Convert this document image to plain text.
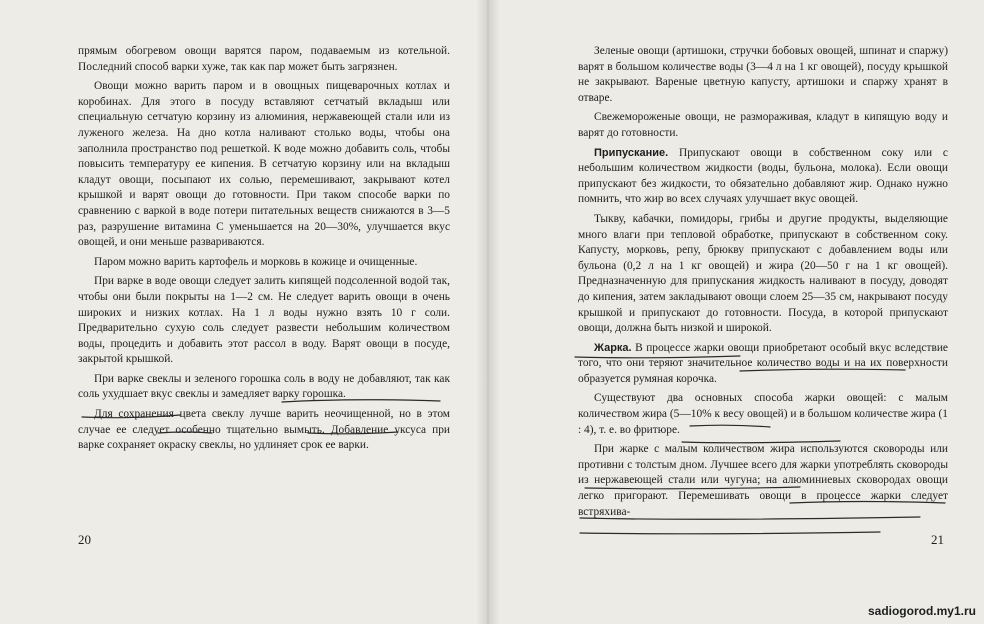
прямым обогревом овощи варятся паром, подаваемым из котельной. Последний способ варки хуже, так как пар может быть загрязнен.

Овощи можно варить паром и в овощных пищеварочных котлах и коробинах. Для этого в посуду вставляют сетчатый вкладыш или специальную сетчатую корзину из алюминия, нержавеющей стали или из луженого железа. На дно котла наливают столько воды, чтобы она заполнила пространство под решеткой. К воде можно добавить соль, чтобы повысить температуру ее кипения. В сетчатую корзину или на вкладыш кладут овощи, посыпают их солью, перемешивают, закрывают котел крышкой и варят овощи до готовности. При таком способе варки по сравнению с варкой в воде потери питательных веществ снижаются в 3—5 раз, разрушение витамина С уменьшается на 20—30%, улучшается вкус овощей, и они меньше развариваются.

Паром можно варить картофель и морковь в кожице и очищенные.

При варке в воде овощи следует залить кипящей подсоленной водой так, чтобы они были покрыты на 1—2 см. Не следует варить овощи в очень широких и низких котлах. На 1 л воды нужно взять 10 г соли. Предварительно сухую соль следует развести небольшим количеством воды, процедить и добавить этот рассол в воду. Варят овощи в посуде, закрытой крышкой.

При варке свеклы и зеленого горошка соль в воду не добавляют, так как соль ухудшает вкус свеклы и замедляет варку горошка.

Для сохранения цвета свеклу лучше варить неочищенной, но в этом случае ее следует особенно тщательно вымыть. Добавление уксуса при варке сохраняет окраску свеклы, но удлиняет срок ее варки.

20

Зеленые овощи (артишоки, стручки бобовых овощей, шпинат и спаржу) варят в большом количестве воды (3—4 л на 1 кг овощей), посуду крышкой не закрывают. Вареные цветную капусту, артишоки и спаржу хранят в отваре.

Свежемороженые овощи, не размораживая, кладут в кипящую воду и варят до готовности.

Припускание. Припускают овощи в собственном соку или с небольшим количеством жидкости (воды, бульона, молока). Если овощи припускают без жидкости, то обязательно добавляют жир. Однако нужно помнить, что жир во всех случаях улучшает вкус овощей.

Тыкву, кабачки, помидоры, грибы и другие продукты, выделяющие много влаги при тепловой обработке, припускают в собственном соку. Капусту, морковь, репу, брюкву припускают с добавлением воды или бульона (0,2 л на 1 кг овощей) и жира (20—50 г на 1 кг овощей). Предназначенную для припускания жидкость наливают в посуду, доводят до кипения, затем закладывают овощи слоем 25—35 см, накрывают посуду крышкой и припускают до готовности. Посуда, в которой припускают овощи, должна быть низкой и широкой.

Жарка. В процессе жарки овощи приобретают особый вкус вследствие того, что они теряют значительное количество воды и на их поверхности образуется румяная корочка.

Существуют два основных способа жарки овощей: с малым количеством жира (5—10% к весу овощей) и в большом количестве жира (1 : 4), т. е. во фритюре.

При жарке с малым количеством жира используются сковороды или противни с толстым дном. Лучшее всего для жарки употреблять сковороды из нержавеющей стали или чугуна; на алюминиевых сковородах овощи легко пригорают. Перемешивать овощи в процессе жарки следует встряхива-

21
sadiogorod.my1.ru
